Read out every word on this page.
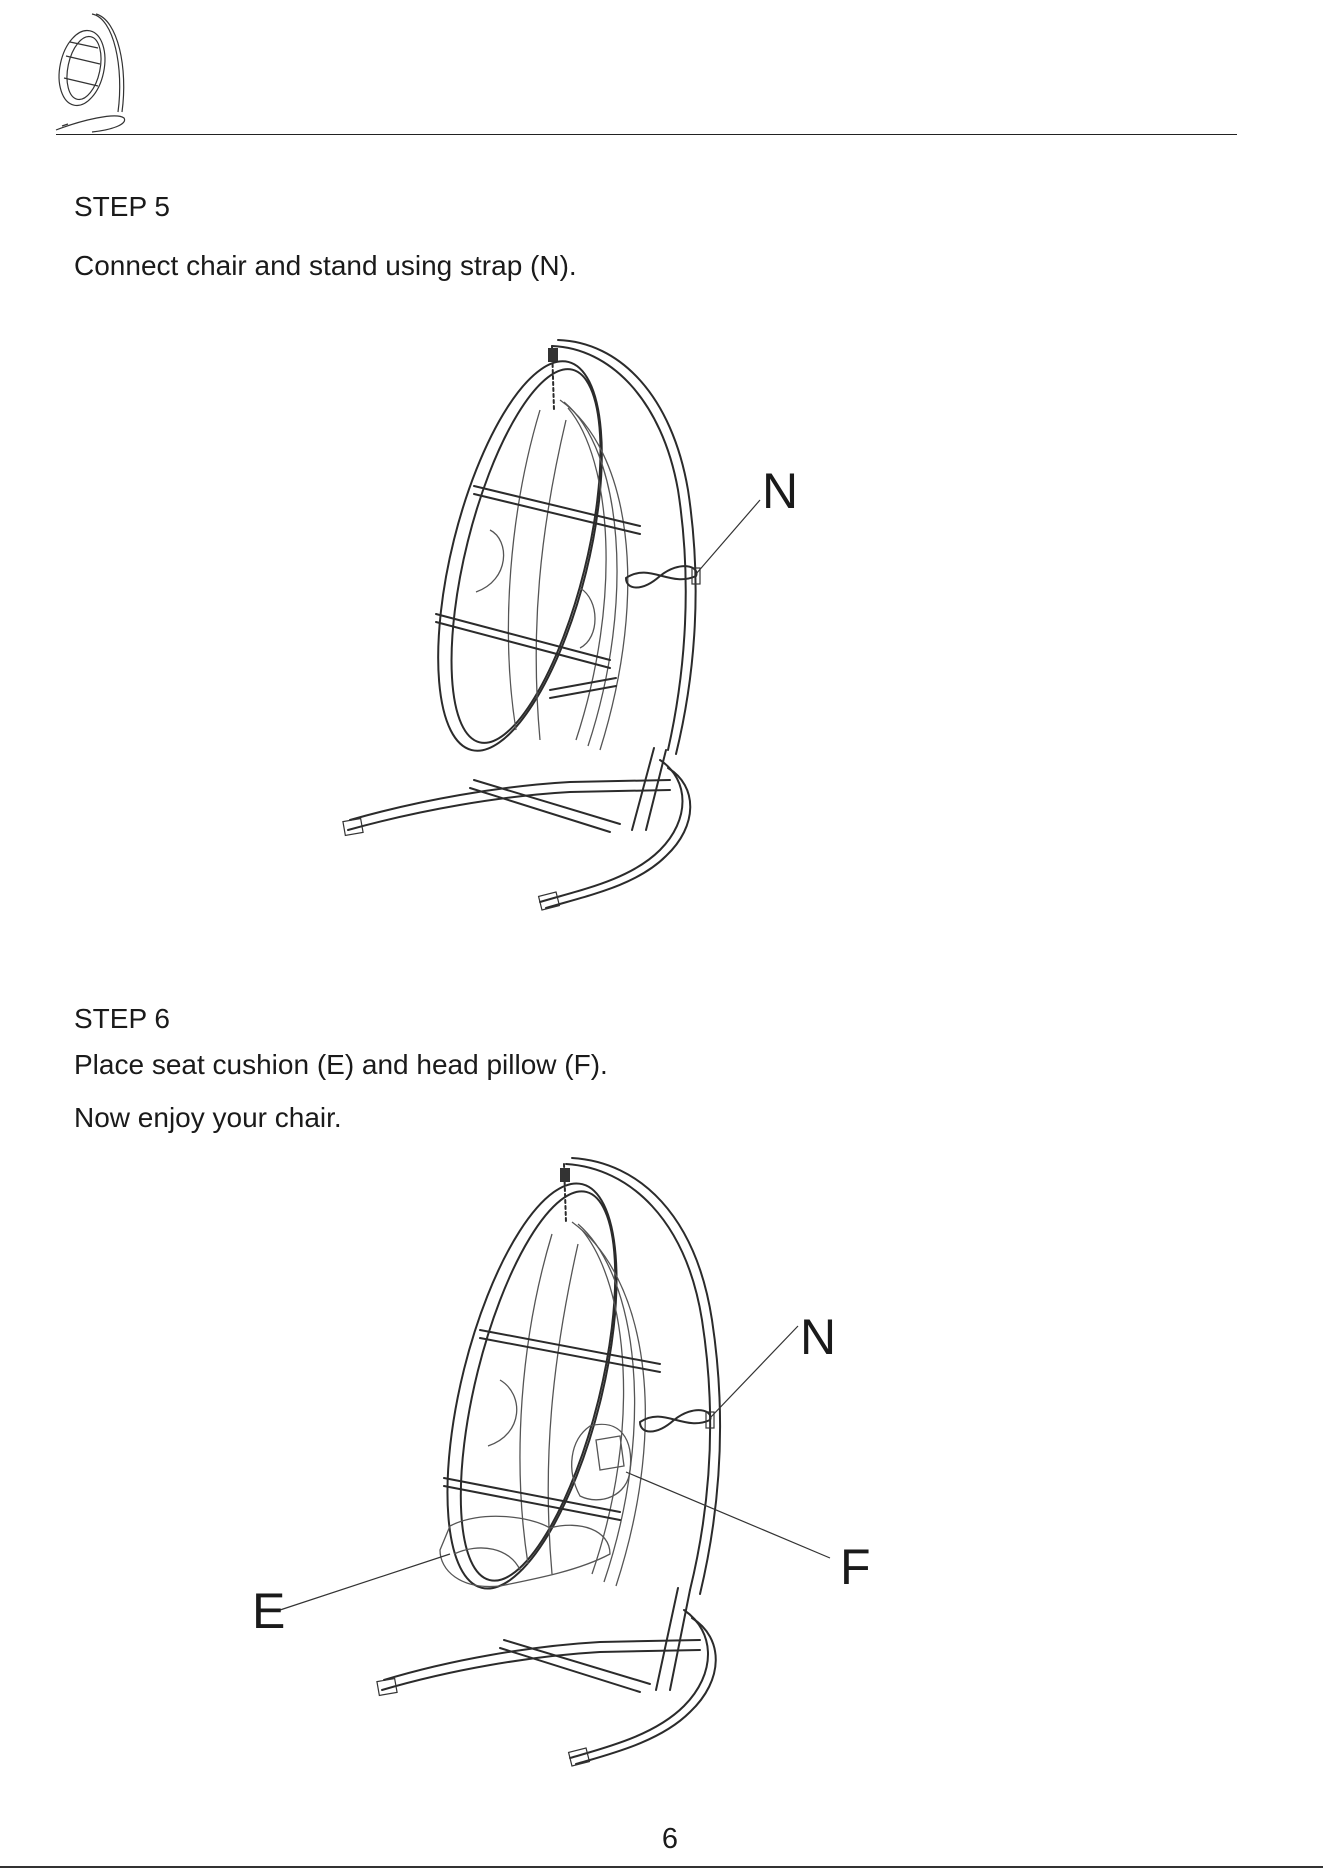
STEP 5

Connect chair and stand using strap (N).

N
STEP 6

Place seat cushion (E) and head pillow (F).

Now enjoy your chair.

N
F
E
6
